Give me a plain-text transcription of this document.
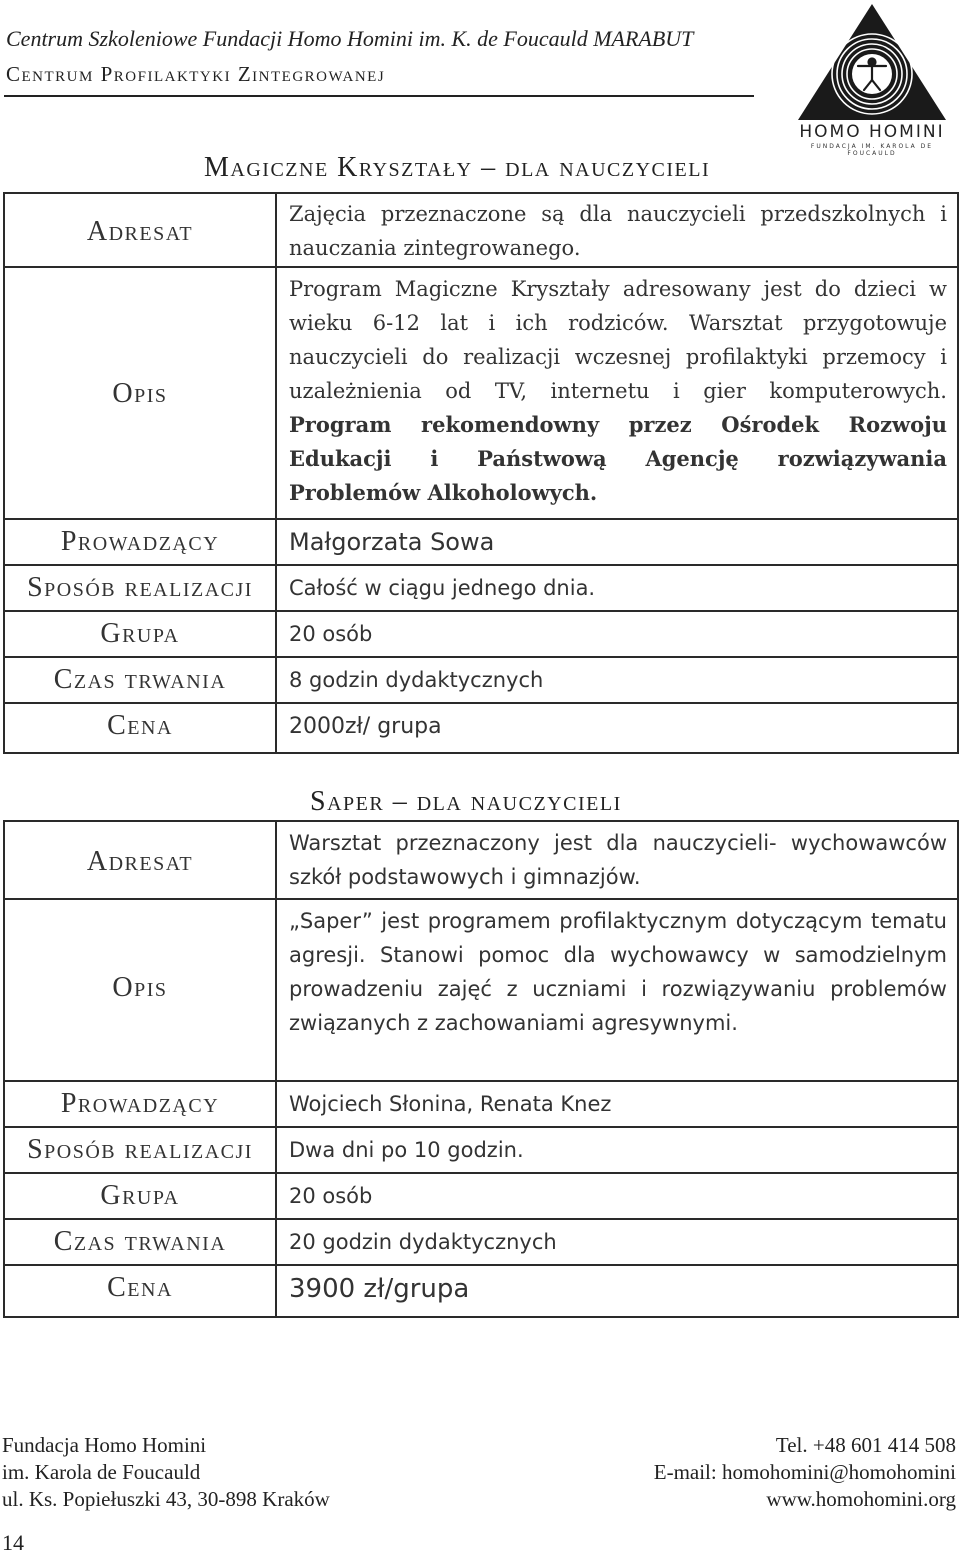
Centrum Szkoleniowe Fundacji Homo Homini im. K. de Foucauld MARABUT
Centrum Profilaktyki Zintegrowanej
HOMO HOMINI
FUNDACJA IM. KAROLA DE FOUCAULD
Magiczne Kryształy – dla nauczycieli
Adresat	Zajęcia przeznaczone są dla nauczycieli przedszkolnych i nauczania zintegrowanego.

Opis	Program Magiczne Kryształy adresowany jest do dzieci w wieku 6-12 lat i ich rodziców. Warsztat przygotowuje nauczycieli do realizacji wczesnej profilaktyki przemocy i uzależnienia od TV, internetu i gier komputerowych. Program rekomendowny przez Ośrodek Rozwoju Edukacji i Państwową Agencję rozwiązywania Problemów Alkoholowych.

Prowadzący	Małgorzata Sowa

Sposób realizacji	Całość w ciągu jednego dnia.

Grupa	20 osób

Czas trwania	8 godzin dydaktycznych

Cena	2000zł/ grupa
Saper – dla nauczycieli
Adresat	Warsztat przeznaczony jest dla nauczycieli- wychowawców szkół podstawowych i gimnazjów.

Opis	„Saper” jest programem profilaktycznym dotyczącym tematu agresji. Stanowi pomoc dla wychowawcy w samodzielnym prowadzeniu zajęć z uczniami i rozwiązywaniu problemów związanych z zachowaniami agresywnymi.

Prowadzący	Wojciech Słonina, Renata Knez

Sposób realizacji	Dwa dni po 10 godzin.

Grupa	20 osób

Czas trwania	20 godzin dydaktycznych

Cena	3900 zł/grupa
Fundacja Homo Homini
im. Karola de Foucauld
ul. Ks. Popiełuszki 43, 30-898 Kraków
Tel. +48 601 414 508
E-mail: homohomini@homohomini
www.homohomini.org
14
